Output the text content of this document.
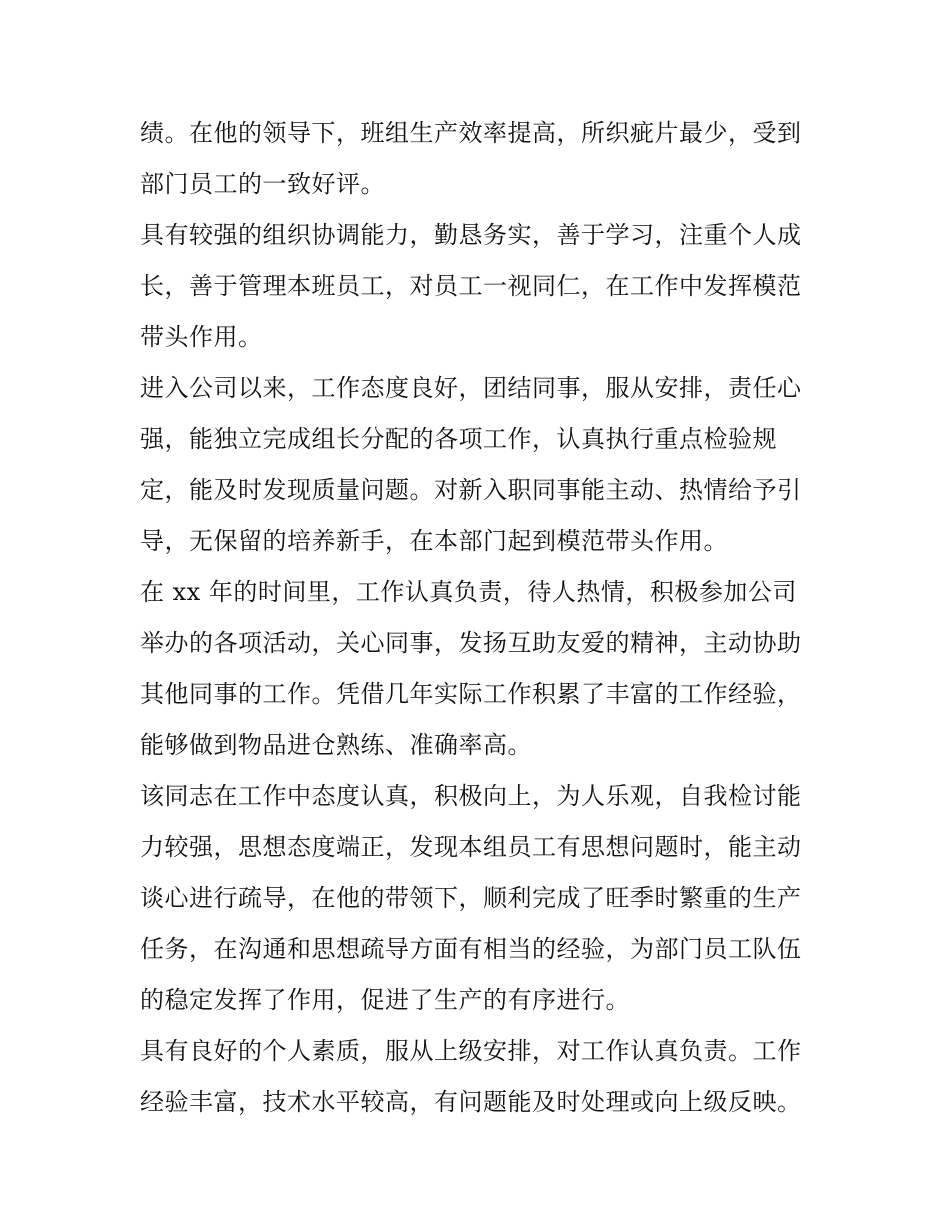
绩。在他的领导下，班组生产效率提高，所织疵片最少，受到
部门员工的一致好评。
具有较强的组织协调能力，勤恳务实，善于学习，注重个人成
长，善于管理本班员工，对员工一视同仁，在工作中发挥模范
带头作用。
进入公司以来，工作态度良好，团结同事，服从安排，责任心
强，能独立完成组长分配的各项工作，认真执行重点检验规
定，能及时发现质量问题。对新入职同事能主动、热情给予引
导，无保留的培养新手，在本部门起到模范带头作用。
在 xx 年的时间里，工作认真负责，待人热情，积极参加公司
举办的各项活动，关心同事，发扬互助友爱的精神，主动协助
其他同事的工作。凭借几年实际工作积累了丰富的工作经验，
能够做到物品进仓熟练、准确率高。
该同志在工作中态度认真，积极向上，为人乐观，自我检讨能
力较强，思想态度端正，发现本组员工有思想问题时，能主动
谈心进行疏导，在他的带领下，顺利完成了旺季时繁重的生产
任务，在沟通和思想疏导方面有相当的经验，为部门员工队伍
的稳定发挥了作用，促进了生产的有序进行。
具有良好的个人素质，服从上级安排，对工作认真负责。工作
经验丰富，技术水平较高，有问题能及时处理或向上级反映。
